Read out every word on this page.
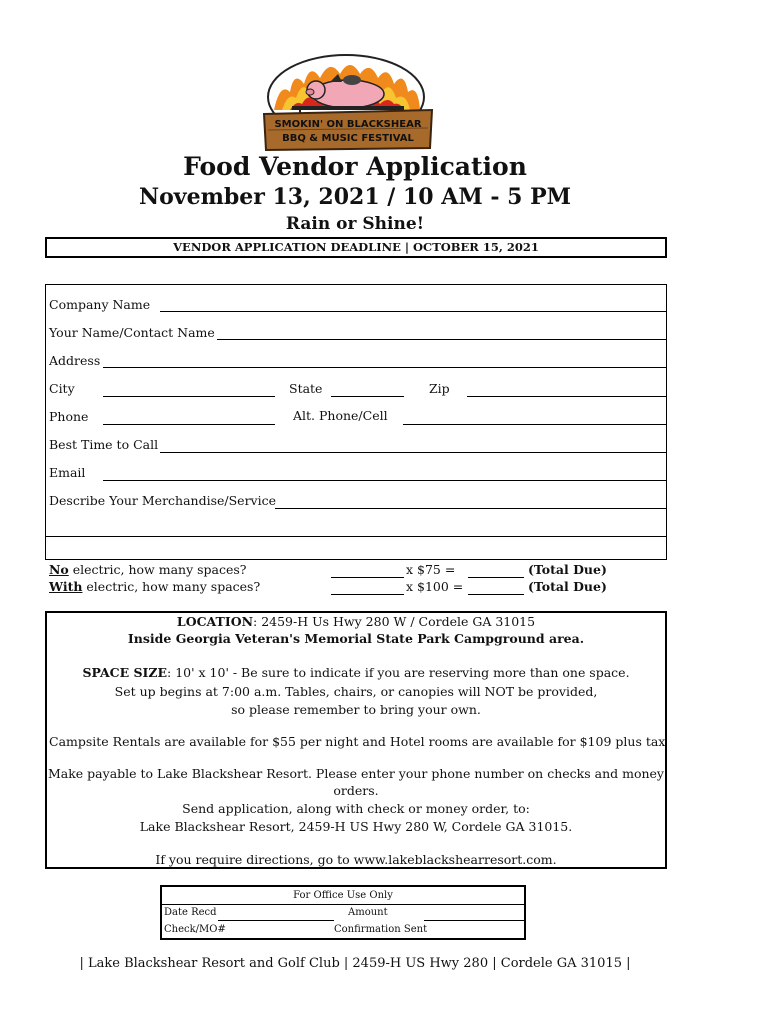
SMOKIN' ON BLACKSHEAR
BBQ & MUSIC FESTIVAL
Food Vendor Application
November 13, 2021 / 10 AM - 5 PM
Rain or Shine!
VENDOR APPLICATION DEADLINE | OCTOBER 15, 2021
Company Name
Your Name/Contact Name
Address
City	State	Zip
Phone	Alt. Phone/Cell
Best Time to Call
Email
Describe Your Merchandise/Service
No electric, how many spaces?	x $75 =	(Total Due)
With electric, how many spaces?	x $100 =	(Total Due)

LOCATION: 2459-H Us Hwy 280 W / Cordele GA 31015

Inside Georgia Veteran's Memorial State Park Campground area.

SPACE SIZE: 10' x 10' - Be sure to indicate if you are reserving more than one space.

Set up begins at 7:00 a.m. Tables, chairs, or canopies will NOT be provided,

so please remember to bring your own.

Campsite Rentals are available for $55 per night and Hotel rooms are available for $109 plus tax

Make payable to Lake Blackshear Resort. Please enter your phone number on checks and money

orders.

Send application, along with check or money order, to:

Lake Blackshear Resort, 2459-H US Hwy 280 W, Cordele GA 31015.

If you require directions, go to www.lakeblackshearresort.com.

For Office Use Only
Date Recd	Amount
Check/MO#	Confirmation Sent
| Lake Blackshear Resort and Golf Club | 2459-H US Hwy 280 | Cordele GA 31015 |
